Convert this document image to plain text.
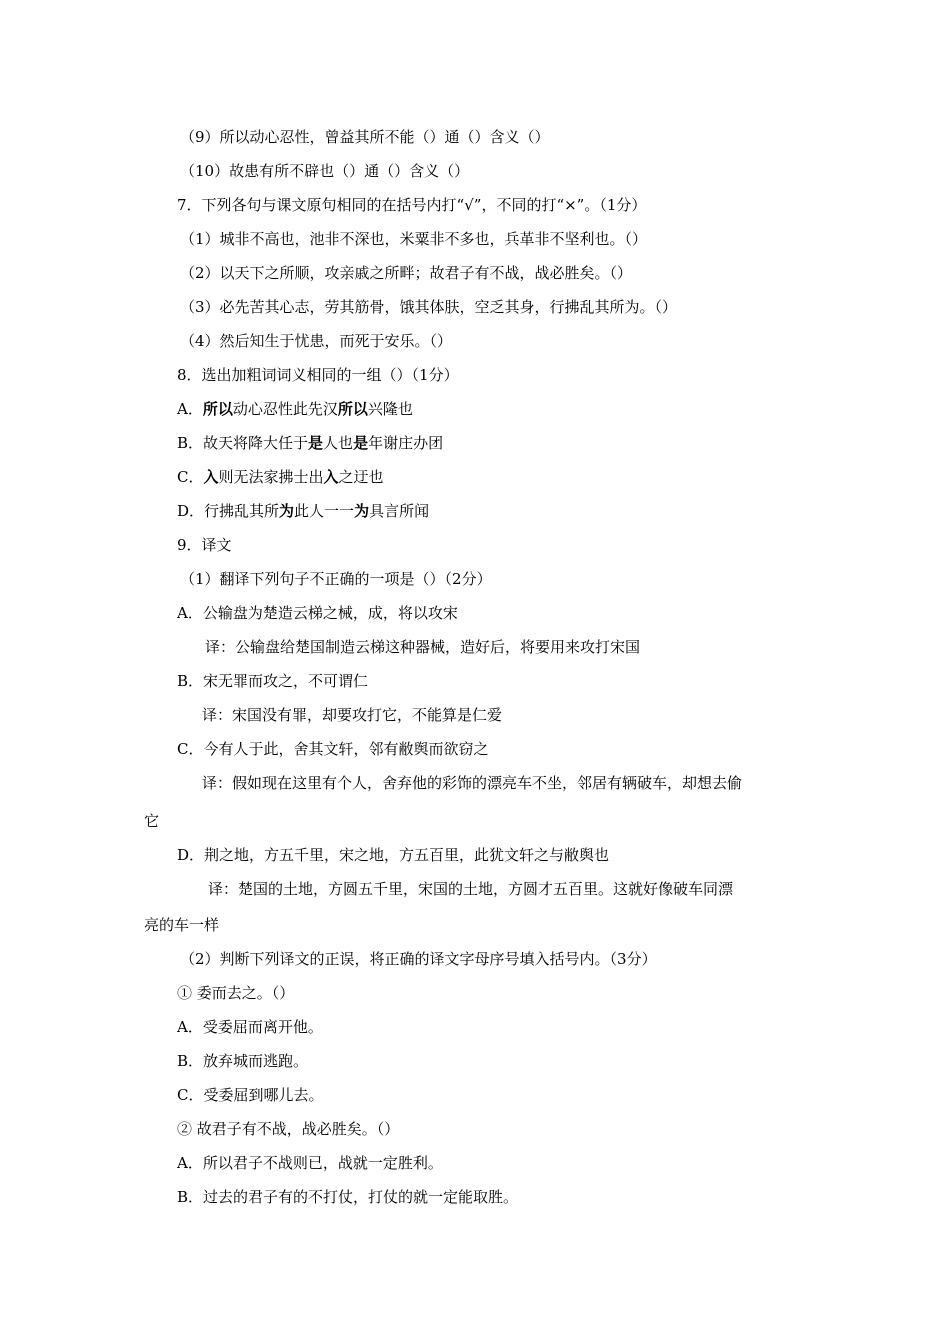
（9）所以动心忍性，曾益其所不能（）通（）含义（）
（10）故患有所不辟也（）通（）含义（）
7．下列各句与课文原句相同的在括号内打“√”，不同的打“×”。（1分）
（1）城非不高也，池非不深也，米粟非不多也，兵革非不坚利也。（）
（2）以天下之所顺，攻亲戚之所畔；故君子有不战，战必胜矣。（）
（3）必先苦其心志，劳其筋骨，饿其体肤，空乏其身，行拂乱其所为。（）
（4）然后知生于忧患，而死于安乐。（）
8．选出加粗词词义相同的一组（）（1分）
A．所以动心忍性此先汉所以兴隆也
B．故天将降大任于是人也是年谢庄办团
C．入则无法家拂士出入之迂也
D．行拂乱其所为此人一一为具言所闻
9．译文
（1）翻译下列句子不正确的一项是（）（2分）
A．公输盘为楚造云梯之械，成，将以攻宋
译：公输盘给楚国制造云梯这种器械，造好后，将要用来攻打宋国
B．宋无罪而攻之，不可谓仁
译：宋国没有罪，却要攻打它，不能算是仁爱
C．今有人于此，舍其文轩，邻有敝舆而欲窃之
译：假如现在这里有个人，舍弃他的彩饰的漂亮车不坐，邻居有辆破车，却想去偷
它
D．荆之地，方五千里，宋之地，方五百里，此犹文轩之与敝舆也
译：楚国的土地，方圆五千里，宋国的土地，方圆才五百里。这就好像破车同漂
亮的车一样
（2）判断下列译文的正误，将正确的译文字母序号填入括号内。（3分）
① 委而去之。（）
A．受委屈而离开他。
B．放弃城而逃跑。
C．受委屈到哪儿去。
② 故君子有不战，战必胜矣。（）
A．所以君子不战则已，战就一定胜利。
B．过去的君子有的不打仗，打仗的就一定能取胜。
